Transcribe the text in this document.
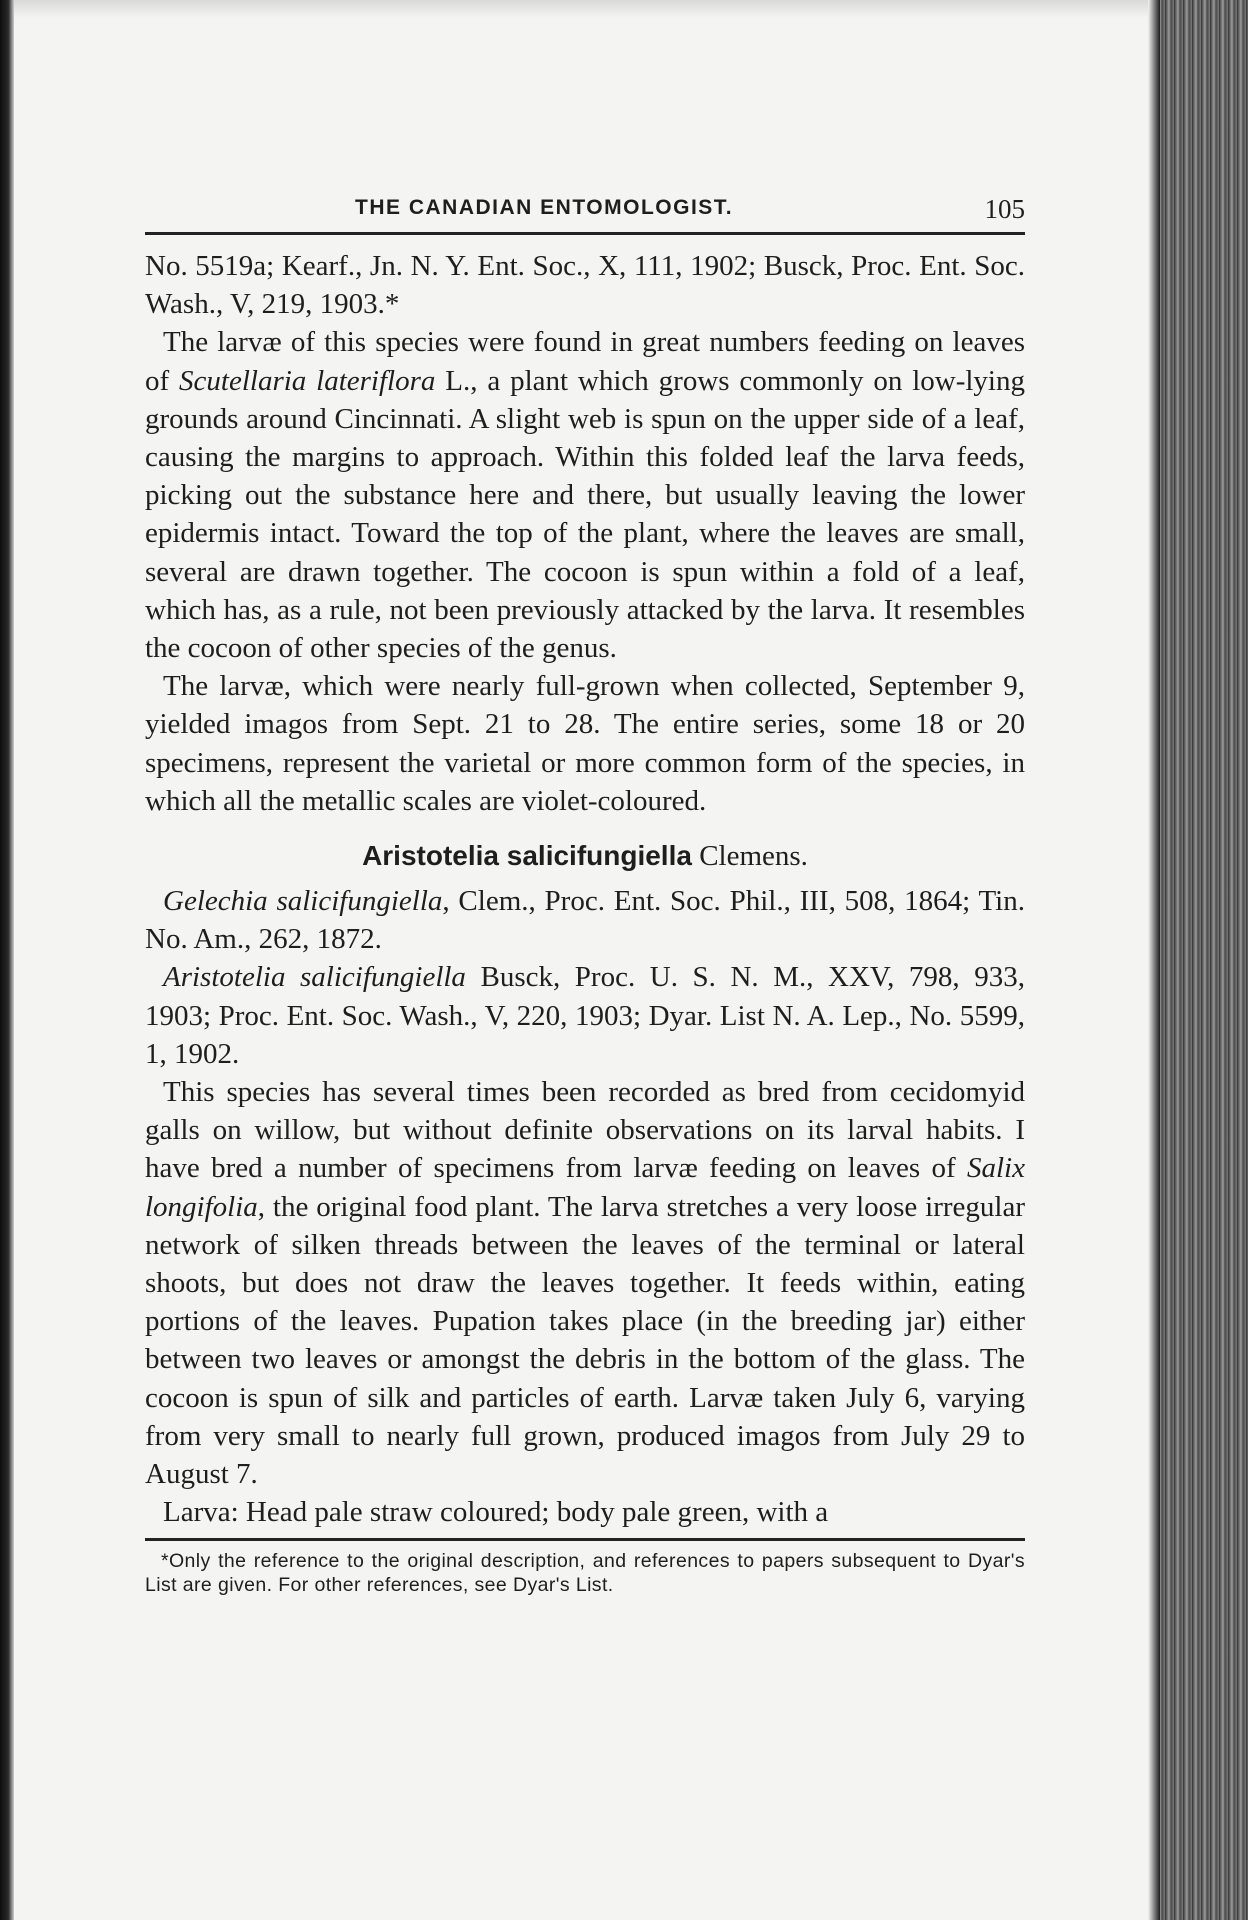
THE CANADIAN ENTOMOLOGIST.	105

No. 5519a; Kearf., Jn. N. Y. Ent. Soc., X, 111, 1902; Busck, Proc. Ent. Soc. Wash., V, 219, 1903.*

The larvæ of this species were found in great numbers feeding on leaves of Scutellaria lateriflora L., a plant which grows commonly on low-lying grounds around Cincinnati. A slight web is spun on the upper side of a leaf, causing the margins to approach. Within this folded leaf the larva feeds, picking out the substance here and there, but usually leaving the lower epidermis intact. Toward the top of the plant, where the leaves are small, several are drawn together. The cocoon is spun within a fold of a leaf, which has, as a rule, not been previously attacked by the larva. It resembles the cocoon of other species of the genus.

The larvæ, which were nearly full-grown when collected, September 9, yielded imagos from Sept. 21 to 28. The entire series, some 18 or 20 specimens, represent the varietal or more common form of the species, in which all the metallic scales are violet-coloured.

Aristotelia salicifungiella Clemens.

Gelechia salicifungiella, Clem., Proc. Ent. Soc. Phil., III, 508, 1864; Tin. No. Am., 262, 1872.

Aristotelia salicifungiella Busck, Proc. U. S. N. M., XXV, 798, 933, 1903; Proc. Ent. Soc. Wash., V, 220, 1903; Dyar. List N. A. Lep., No. 5599, 1, 1902.

This species has several times been recorded as bred from cecidomyid galls on willow, but without definite observations on its larval habits. I have bred a number of specimens from larvæ feeding on leaves of Salix longifolia, the original food plant. The larva stretches a very loose irregular network of silken threads between the leaves of the terminal or lateral shoots, but does not draw the leaves together. It feeds within, eating portions of the leaves. Pupation takes place (in the breeding jar) either between two leaves or amongst the debris in the bottom of the glass. The cocoon is spun of silk and particles of earth. Larvæ taken July 6, varying from very small to nearly full grown, produced imagos from July 29 to August 7.

Larva: Head pale straw coloured; body pale green, with a

*Only the reference to the original description, and references to papers subsequent to Dyar's List are given. For other references, see Dyar's List.
